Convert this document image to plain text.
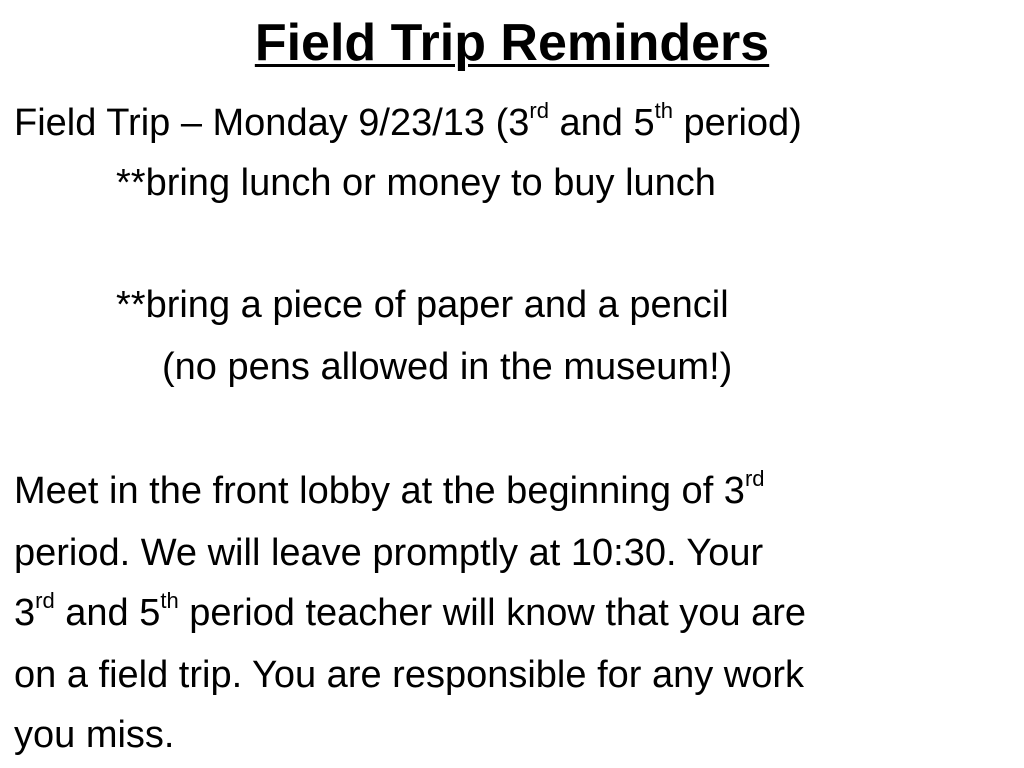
Field Trip Reminders
Field Trip – Monday 9/23/13 (3rd and 5th period)
**bring lunch or money to buy lunch
**bring a piece of paper and a pencil
(no pens allowed in the museum!)
Meet in the front lobby at the beginning of 3rd
period. We will leave promptly at 10:30. Your
3rd and 5th period teacher will know that you are
on a field trip. You are responsible for any work
you miss.
